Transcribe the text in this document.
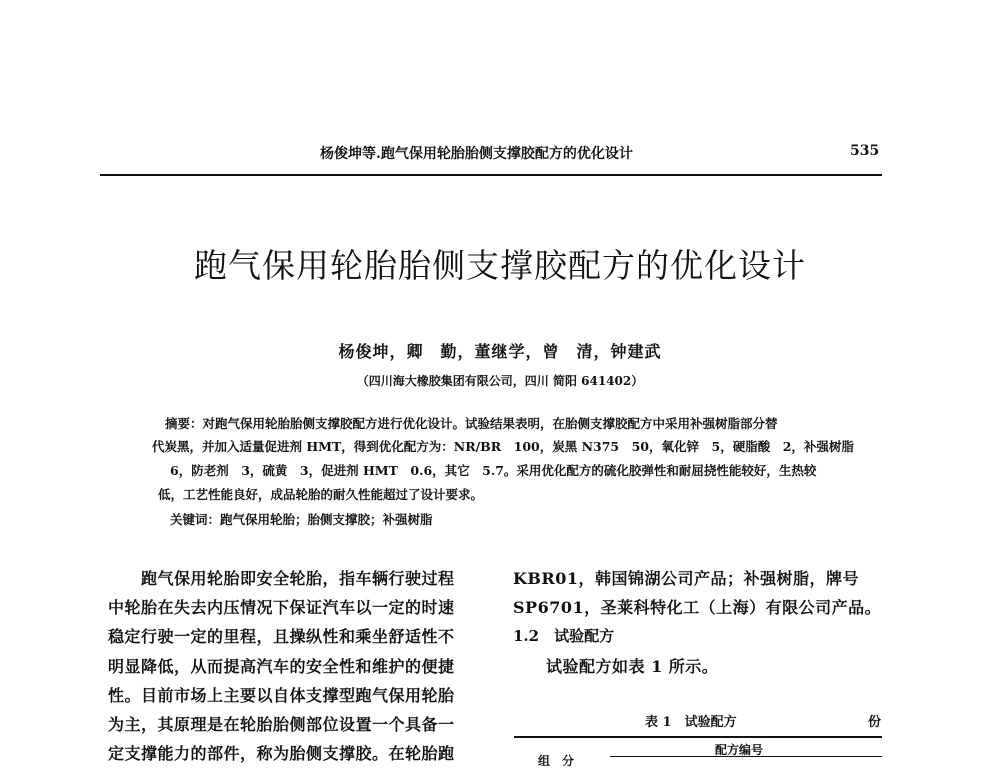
杨俊坤等.跑气保用轮胎胎侧支撑胶配方的优化设计	535
跑气保用轮胎胎侧支撑胶配方的优化设计
杨俊坤，卿　勤，董继学，曾　清，钟建武
（四川海大橡胶集团有限公司，四川 简阳 641402）
摘要：对跑气保用轮胎胎侧支撑胶配方进行优化设计。试验结果表明，在胎侧支撑胶配方中采用补强树脂部分替
代炭黑，并加入适量促进剂 HMT，得到优化配方为：NR/BR　100，炭黑 N375　50，氧化锌　5，硬脂酸　2，补强树脂
6，防老剂　3，硫黄　3，促进剂 HMT　0.6，其它　5.7。采用优化配方的硫化胶弹性和耐屈挠性能较好，生热较
低，工艺性能良好，成品轮胎的耐久性能超过了设计要求。
关键词：跑气保用轮胎；胎侧支撑胶；补强树脂
　　跑气保用轮胎即安全轮胎，指车辆行驶过程
中轮胎在失去内压情况下保证汽车以一定的时速
稳定行驶一定的里程，且操纵性和乘坐舒适性不
明显降低，从而提高汽车的安全性和维护的便捷
性。目前市场上主要以自体支撑型跑气保用轮胎
为主，其原理是在轮胎胎侧部位设置一个具备一
定支撑能力的部件，称为胎侧支撑胶。在轮胎跑
KBR01，韩国锦湖公司产品；补强树脂，牌号
SP6701，圣莱科特化工（上海）有限公司产品。
1.2　试验配方
　　试验配方如表 1 所示。
表 1　试验配方	份
配方编号
组　分
